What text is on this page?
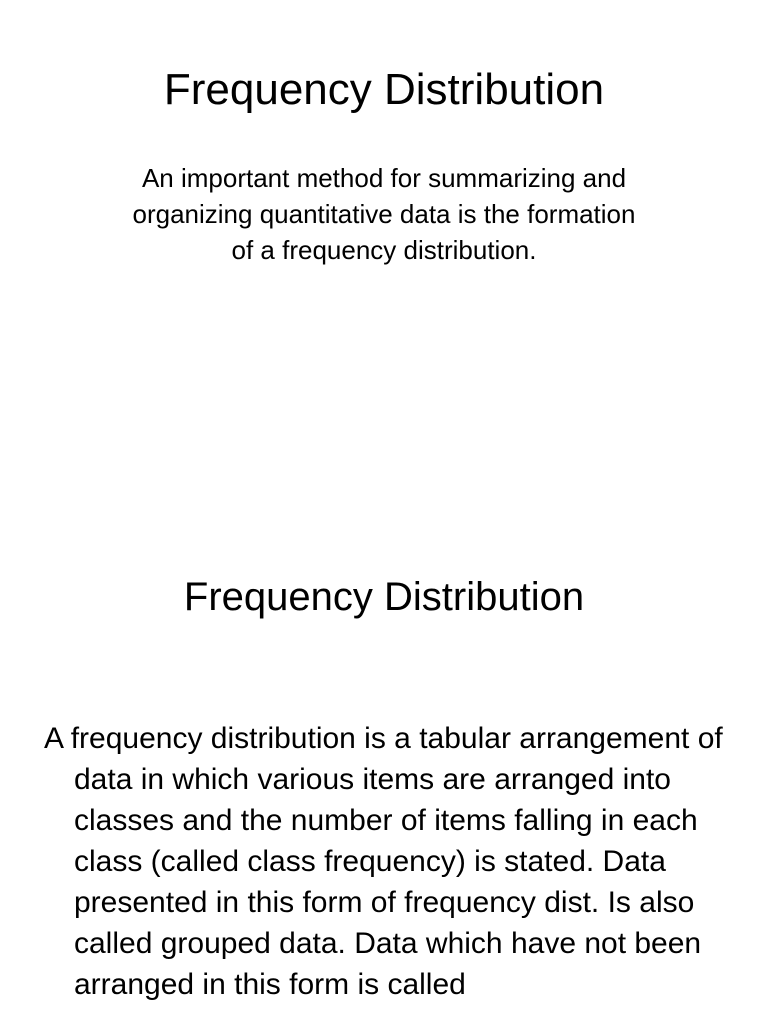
Frequency Distribution

An important method for summarizing and organizing quantitative data is the formation of a frequency distribution.

Frequency Distribution

A frequency distribution is a tabular arrangement of data in which various items are arranged into classes and the number of items falling in each class (called class frequency) is stated. Data presented in this form of frequency dist. Is also called grouped data. Data which have not been arranged in this form is called
